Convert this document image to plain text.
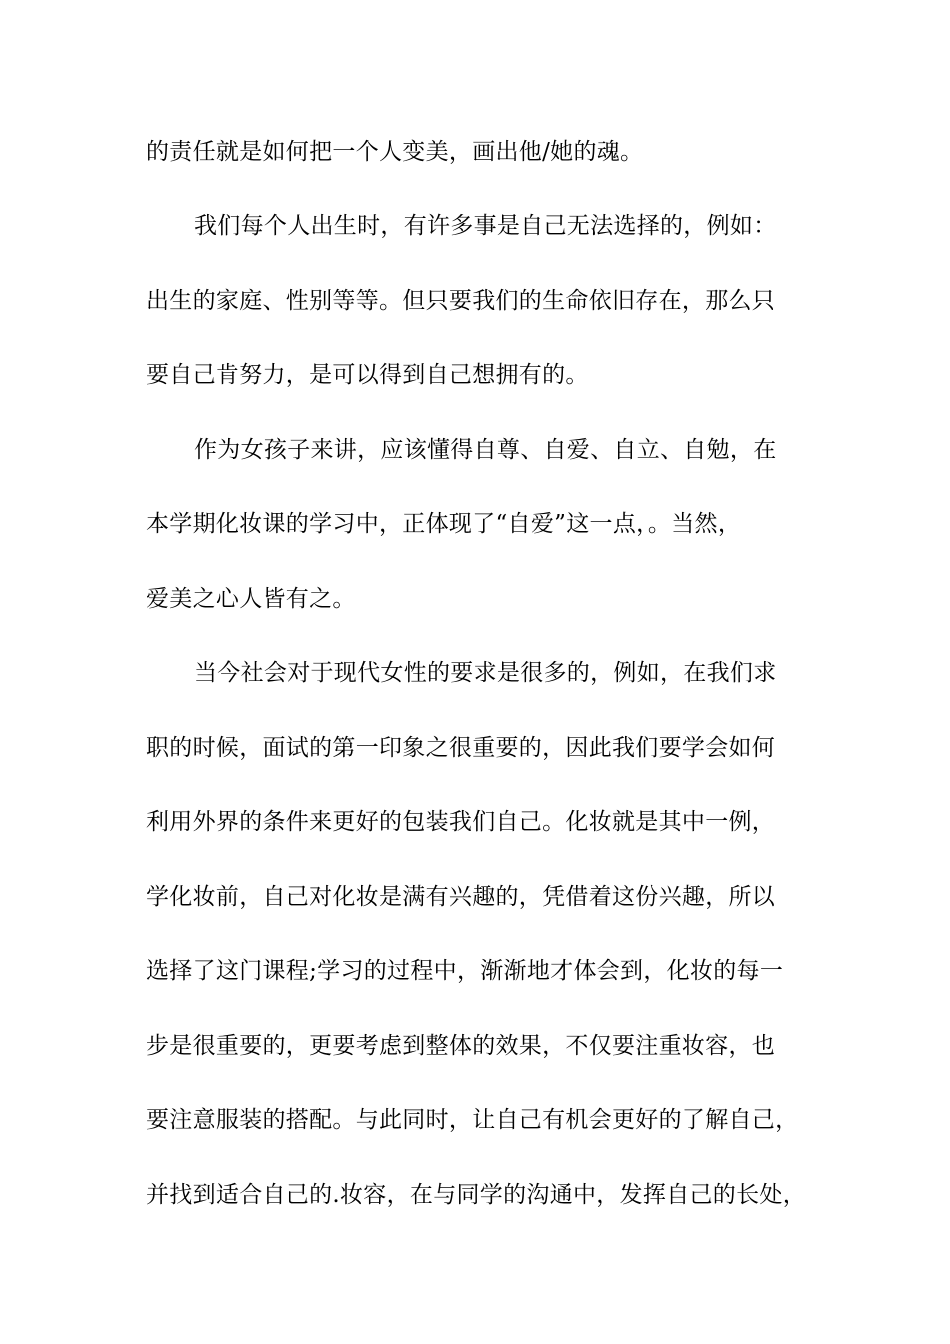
的责任就是如何把一个人变美，画出他/她的魂。
我们每个人出生时，有许多事是自己无法选择的，例如：
出生的家庭、性别等等。但只要我们的生命依旧存在，那么只
要自己肯努力，是可以得到自己想拥有的。
作为女孩子来讲，应该懂得自尊、自爱、自立、自勉，在
本学期化妆课的学习中，正体现了“自爱”这一点，。当然，
爱美之心人皆有之。
当今社会对于现代女性的要求是很多的，例如，在我们求
职的时候，面试的第一印象之很重要的，因此我们要学会如何
利用外界的条件来更好的包装我们自己。化妆就是其中一例，
学化妆前，自己对化妆是满有兴趣的，凭借着这份兴趣，所以
选择了这门课程;学习的过程中，渐渐地才体会到，化妆的每一
步是很重要的，更要考虑到整体的效果，不仅要注重妆容，也
要注意服装的搭配。与此同时，让自己有机会更好的了解自己，
并找到适合自己的.妆容，在与同学的沟通中，发挥自己的长处，
